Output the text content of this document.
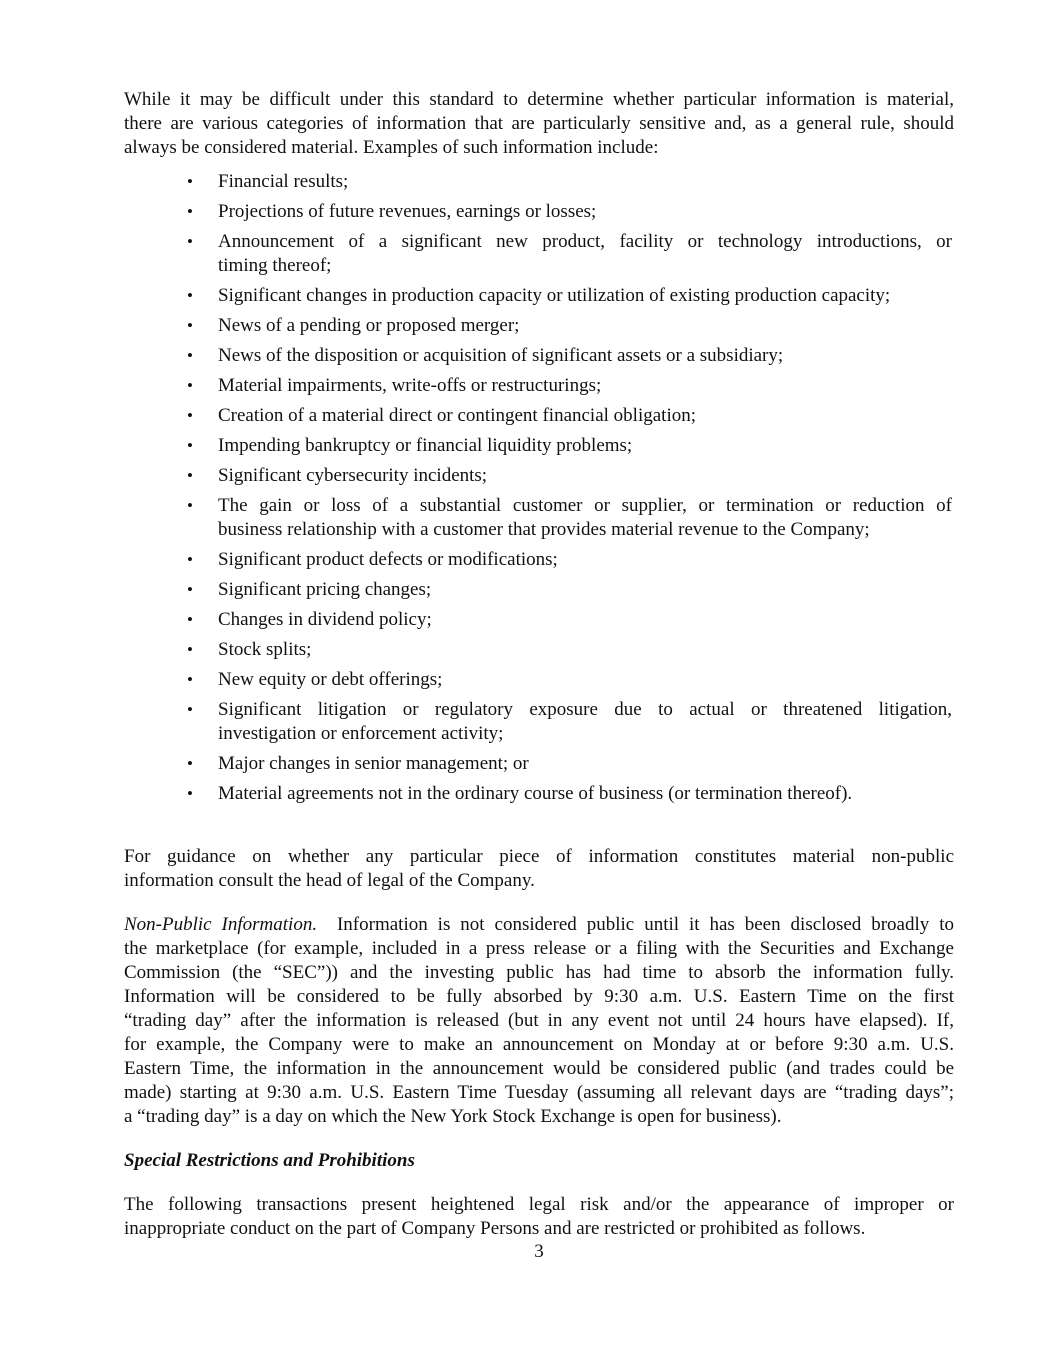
While it may be difficult under this standard to determine whether particular information is material,
there are various categories of information that are particularly sensitive and, as a general rule, should
always be considered material. Examples of such information include:
• Financial results;
• Projections of future revenues, earnings or losses;
• Announcement of a significant new product, facility or technology introductions, or
timing thereof;
• Significant changes in production capacity or utilization of existing production capacity;
• News of a pending or proposed merger;
• News of the disposition or acquisition of significant assets or a subsidiary;
• Material impairments, write-offs or restructurings;
• Creation of a material direct or contingent financial obligation;
• Impending bankruptcy or financial liquidity problems;
• Significant cybersecurity incidents;
• The gain or loss of a substantial customer or supplier, or termination or reduction of
business relationship with a customer that provides material revenue to the Company;
• Significant product defects or modifications;
• Significant pricing changes;
• Changes in dividend policy;
• Stock splits;
• New equity or debt offerings;
• Significant litigation or regulatory exposure due to actual or threatened litigation,
investigation or enforcement activity;
• Major changes in senior management; or
• Material agreements not in the ordinary course of business (or termination thereof).
For guidance on whether any particular piece of information constitutes material non-public
information consult the head of legal of the Company.
Non-Public Information.  Information is not considered public until it has been disclosed broadly to
the marketplace (for example, included in a press release or a filing with the Securities and Exchange
Commission (the “SEC”)) and the investing public has had time to absorb the information fully.
Information will be considered to be fully absorbed by 9:30 a.m. U.S. Eastern Time on the first
“trading day” after the information is released (but in any event not until 24 hours have elapsed). If,
for example, the Company were to make an announcement on Monday at or before 9:30 a.m. U.S.
Eastern Time, the information in the announcement would be considered public (and trades could be
made) starting at 9:30 a.m. U.S. Eastern Time Tuesday (assuming all relevant days are “trading days”;
a “trading day” is a day on which the New York Stock Exchange is open for business).
Special Restrictions and Prohibitions
The following transactions present heightened legal risk and/or the appearance of improper or
inappropriate conduct on the part of Company Persons and are restricted or prohibited as follows.
3
